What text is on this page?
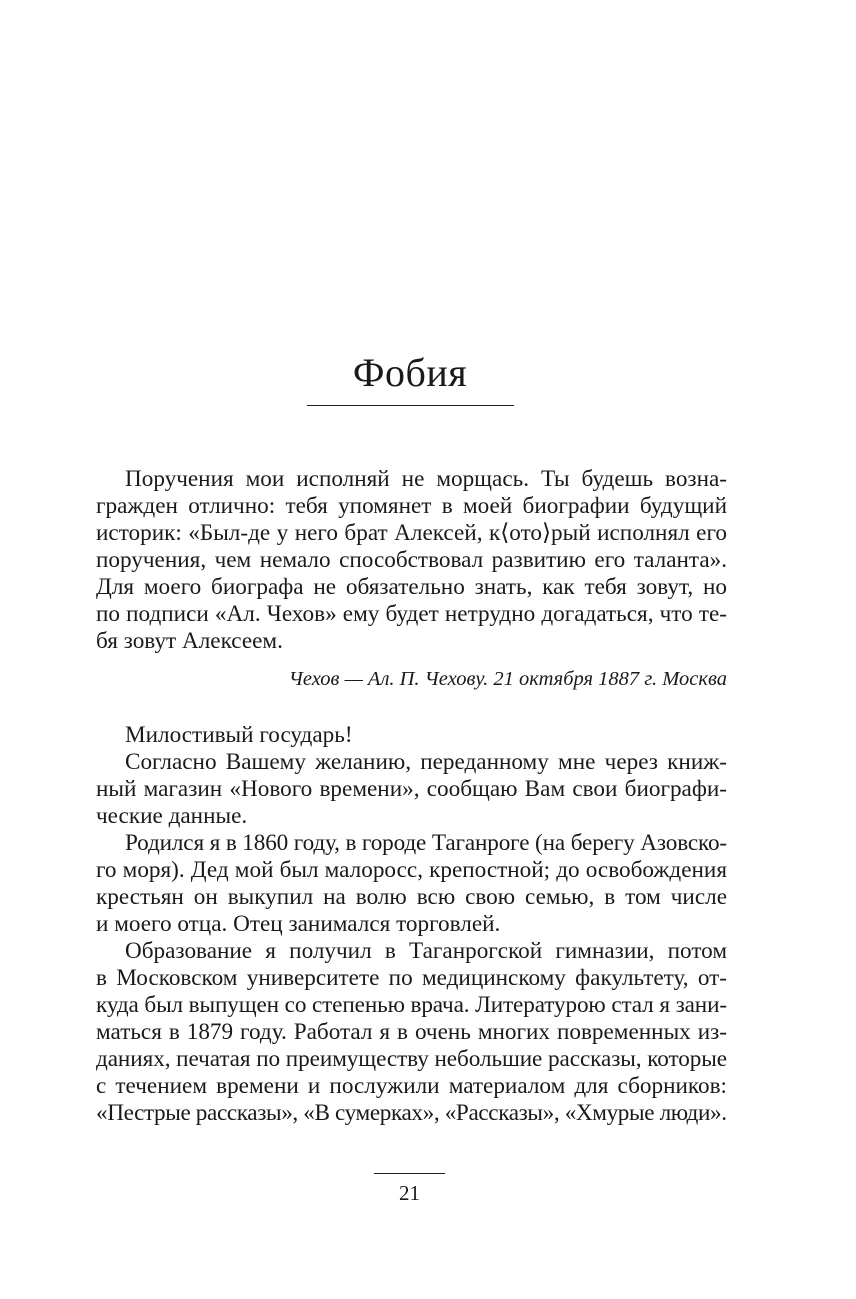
Фобия
Поручения мои исполняй не морщась. Ты будешь возна-
гражден отлично: тебя упомянет в моей биографии будущий
историк: «Был-де у него брат Алексей, к⟨ото⟩рый исполнял его
поручения, чем немало способствовал развитию его таланта».
Для моего биографа не обязательно знать, как тебя зовут, но
по подписи «Ал. Чехов» ему будет нетрудно догадаться, что те-
бя зовут Алексеем.
Чехов — Ал. П. Чехову. 21 октября 1887 г. Москва
Милостивый государь!
Согласно Вашему желанию, переданному мне через книж-
ный магазин «Нового времени», сообщаю Вам свои биографи-
ческие данные.
Родился я в 1860 году, в городе Таганроге (на берегу Азовско-
го моря). Дед мой был малоросс, крепостной; до освобождения
крестьян он выкупил на волю всю свою семью, в том числе
и моего отца. Отец занимался торговлей.
Образование я получил в Таганрогской гимназии, потом
в Московском университете по медицинскому факультету, от-
куда был выпущен со степенью врача. Литературою стал я зани-
маться в 1879 году. Работал я в очень многих повременных из-
даниях, печатая по преимуществу небольшие рассказы, которые
с течением времени и послужили материалом для сборников:
«Пестрые рассказы», «В сумерках», «Рассказы», «Хмурые люди».
21
